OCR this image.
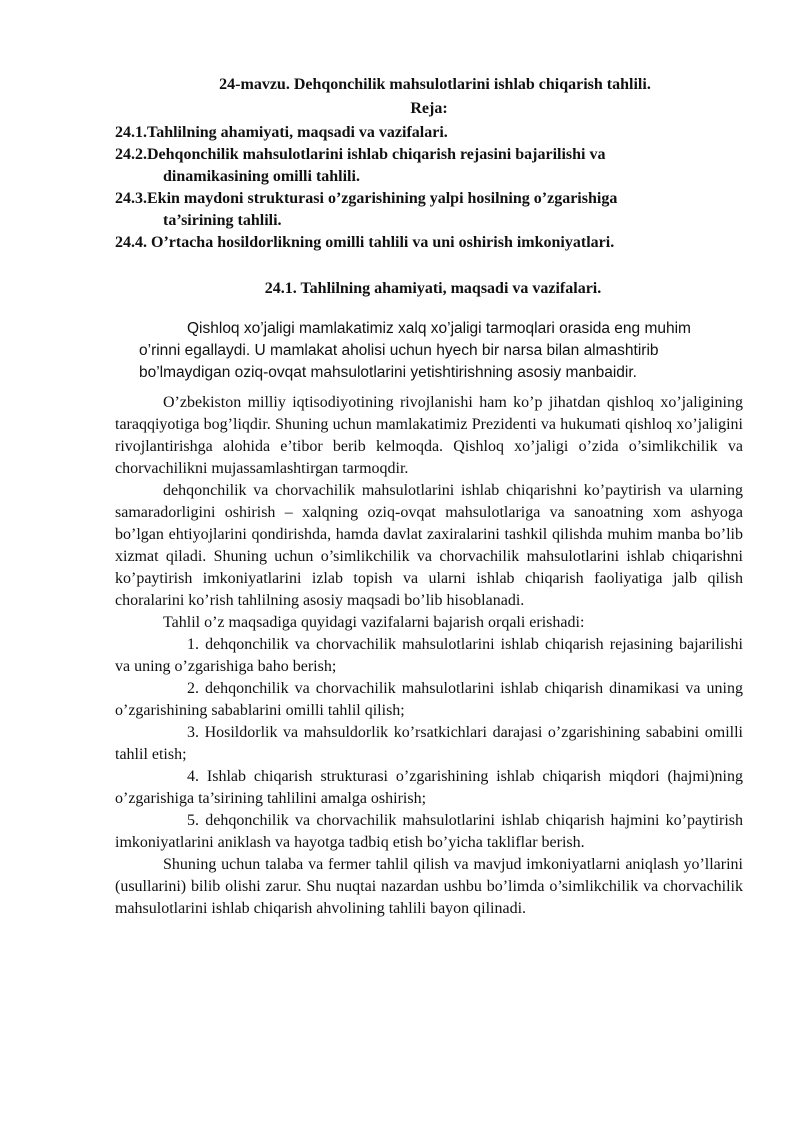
24-mavzu. Dehqonchilik mahsulotlarini ishlab chiqarish tahlili.

Reja:

24.1.Tahlilning ahamiyati, maqsadi va vazifalari.
24.2.Dehqonchilik mahsulotlarini ishlab chiqarish rejasini bajarilishi va
dinamikasining omilli tahlili.
24.3.Ekin maydoni strukturasi o’zgarishining yalpi hosilning o’zgarishiga
ta’sirining tahlili.
24.4. O’rtacha hosildorlikning omilli tahlili va uni oshirish imkoniyatlari.

24.1. Tahlilning ahamiyati, maqsadi va vazifalari.

Qishloq xo’jaligi mamlakatimiz xalq xo’jaligi tarmoqlari orasida eng muhim o’rinni egallaydi. U mamlakat aholisi uchun hyech bir narsa bilan almashtirib bo’lmaydigan oziq-ovqat mahsulotlarini yetishtirishning asosiy manbaidir.

O’zbekiston milliy iqtisodiyotining rivojlanishi ham ko’p jihatdan qishloq xo’jaligining taraqqiyotiga bog’liqdir. Shuning uchun mamlakatimiz Prezidenti va hukumati qishloq xo’jaligini rivojlantirishga alohida e’tibor berib kelmoqda. Qishloq xo’jaligi o’zida o’simlikchilik va chorvachilikni mujassamlashtirgan tarmoqdir.

dehqonchilik va chorvachilik mahsulotlarini ishlab chiqarishni ko’paytirish va ularning samaradorligini oshirish – xalqning oziq-ovqat mahsulotlariga va sanoatning xom ashyoga bo’lgan ehtiyojlarini qondirishda, hamda davlat zaxiralarini tashkil qilishda muhim manba bo’lib xizmat qiladi. Shuning uchun o’simlikchilik va chorvachilik mahsulotlarini ishlab chiqarishni ko’paytirish imkoniyatlarini izlab topish va ularni ishlab chiqarish faoliyatiga jalb qilish choralarini ko’rish tahlilning asosiy maqsadi bo’lib hisoblanadi.

Tahlil o’z maqsadiga quyidagi vazifalarni bajarish orqali erishadi:

1. dehqonchilik va chorvachilik mahsulotlarini ishlab chiqarish rejasining bajarilishi va uning o’zgarishiga baho berish;

2. dehqonchilik va chorvachilik mahsulotlarini ishlab chiqarish dinamikasi va uning o’zgarishining sabablarini omilli tahlil qilish;

3. Hosildorlik va mahsuldorlik ko’rsatkichlari darajasi o’zgarishining sababini omilli tahlil etish;

4. Ishlab chiqarish strukturasi o’zgarishining ishlab chiqarish miqdori (hajmi)ning o’zgarishiga ta’sirining tahlilini amalga oshirish;

5. dehqonchilik va chorvachilik mahsulotlarini ishlab chiqarish hajmini ko’paytirish imkoniyatlarini aniklash va hayotga tadbiq etish bo’yicha takliflar berish.

Shuning uchun talaba va fermer tahlil qilish va mavjud imkoniyatlarni aniqlash yo’llarini (usullarini) bilib olishi zarur. Shu nuqtai nazardan ushbu bo’limda o’simlikchilik va chorvachilik mahsulotlarini ishlab chiqarish ahvolining tahlili bayon qilinadi.
